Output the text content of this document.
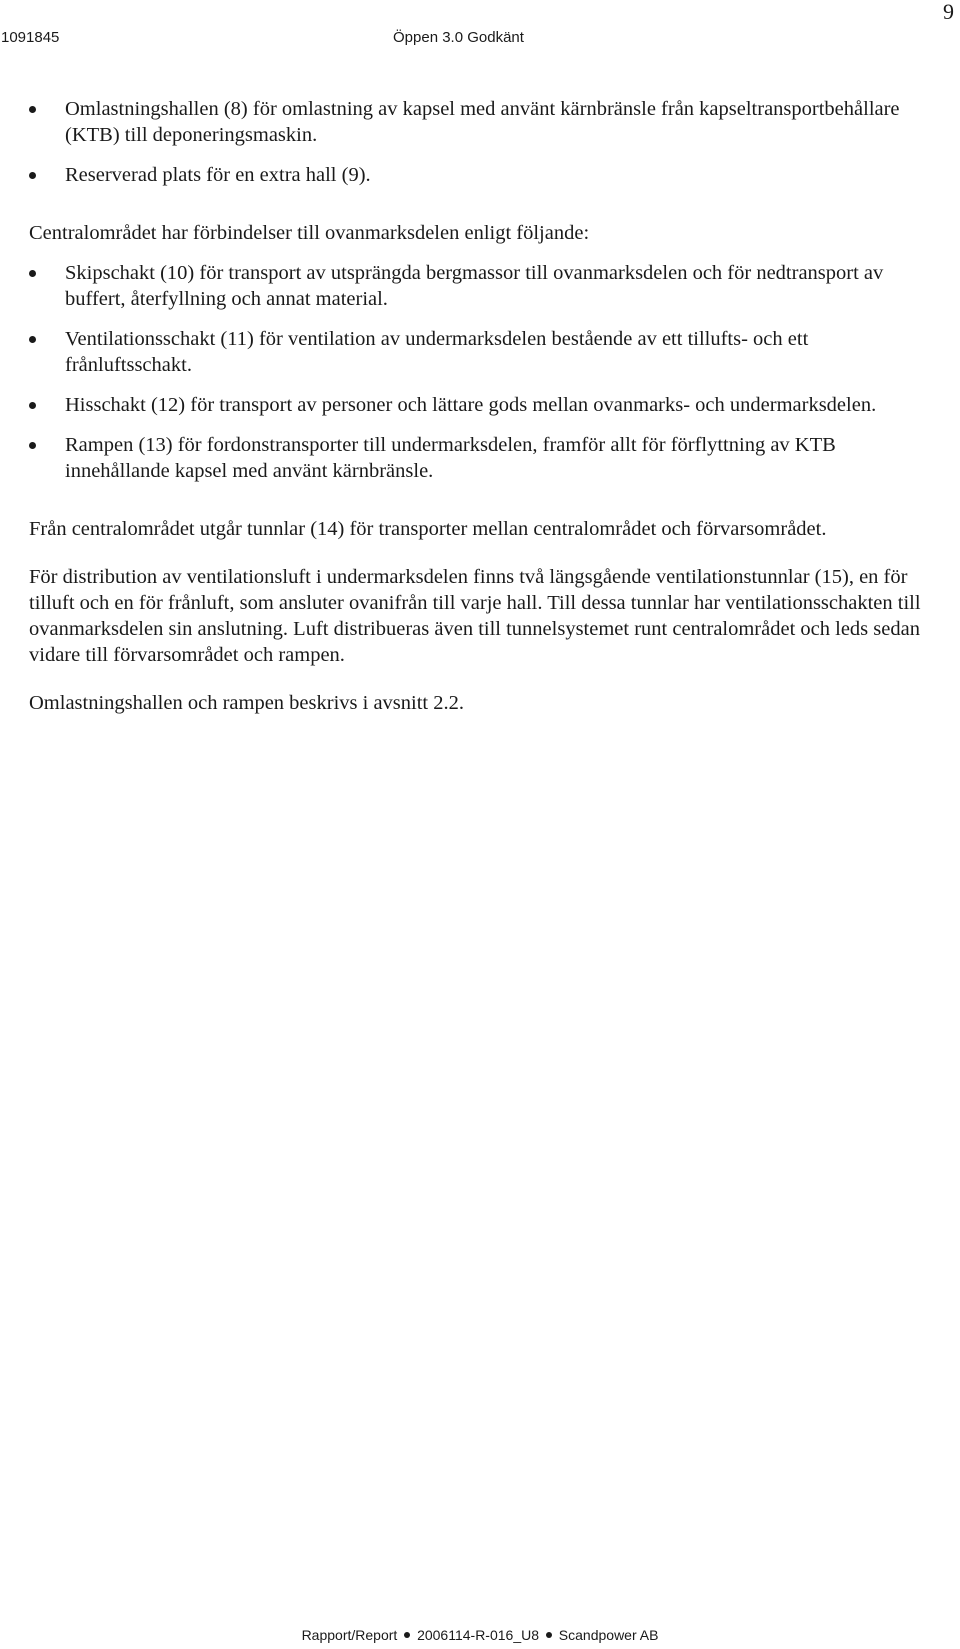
9
1091845	Öppen 3.0 Godkänt
Omlastningshallen (8) för omlastning av kapsel med använt kärnbränsle från kapseltransportbehållare (KTB) till deponeringsmaskin.
Reserverad plats för en extra hall (9).

Centralområdet har förbindelser till ovanmarksdelen enligt följande:

Skipschakt (10) för transport av utsprängda bergmassor till ovanmarksdelen och för nedtransport av buffert, återfyllning och annat material.
Ventilationsschakt (11) för ventilation av undermarksdelen bestående av ett tillufts- och ett frånluftsschakt.
Hisschakt (12) för transport av personer och lättare gods mellan ovanmarks- och undermarksdelen.
Rampen (13) för fordonstransporter till undermarksdelen, framför allt för förflyttning av KTB innehållande kapsel med använt kärnbränsle.

Från centralområdet utgår tunnlar (14) för transporter mellan centralområdet och förvarsområdet.

För distribution av ventilationsluft i undermarksdelen finns två längsgående ventilationstunnlar (15), en för tilluft och en för frånluft, som ansluter ovanifrån till varje hall. Till dessa tunnlar har ventilationsschakten till ovanmarksdelen sin anslutning. Luft distribueras även till tunnelsystemet runt centralområdet och leds sedan vidare till förvarsområdet och rampen.

Omlastningshallen och rampen beskrivs i avsnitt 2.2.

Rapport/Report 2006114-R-016_U8 Scandpower AB
